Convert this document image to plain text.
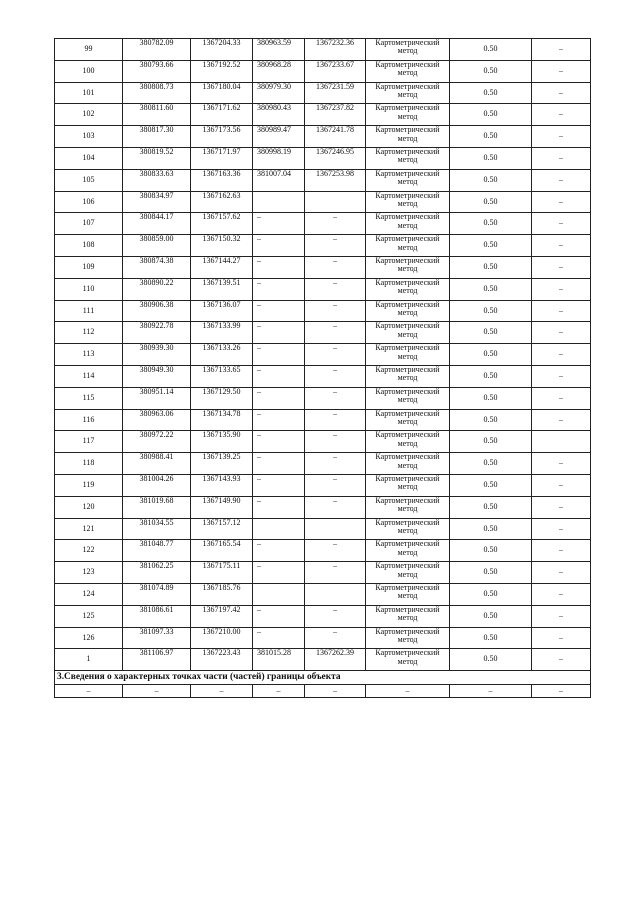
99	380782.09	1367204.33	380963.59	1367232.36	Картометрический метод	0.50	–
100	380793.66	1367192.52	380968.28	1367233.67	Картометрический метод	0.50	–
101	380808.73	1367180.04	380979.30	1367231.59	Картометрический метод	0.50	–
102	380811.60	1367171.62	380980.43	1367237.82	Картометрический метод	0.50	–
103	380817.30	1367173.56	380989.47	1367241.78	Картометрический метод	0.50	–
104	380819.52	1367171.97	380998.19	1367246.95	Картометрический метод	0.50	–
105	380833.63	1367163.36	381007.04	1367253.98	Картометрический метод	0.50	–
106	380834.97	1367162.63			Картометрический метод	0.50	–
107	380844.17	1367157.62	–	–	Картометрический метод	0.50	–
108	380859.00	1367150.32	–	–	Картометрический метод	0.50	–
109	380874.38	1367144.27	–	–	Картометрический метод	0.50	–
110	380890.22	1367139.51	–	–	Картометрический метод	0.50	–
111	380906.38	1367136.07	–	–	Картометрический метод	0.50	–
112	380922.78	1367133.99	–	–	Картометрический метод	0.50	–
113	380939.30	1367133.26	–	–	Картометрический метод	0.50	–
114	380949.30	1367133.65	–	–	Картометрический метод	0.50	–
115	380951.14	1367129.50	–	–	Картометрический метод	0.50	–
116	380963.06	1367134.78	–	–	Картометрический метод	0.50	–
117	380972.22	1367135.90	–	–	Картометрический метод	0.50	
118	380988.41	1367139.25	–	–	Картометрический метод	0.50	–
119	381004.26	1367143.93	–	–	Картометрический метод	0.50	–
120	381019.68	1367149.90	–	–	Картометрический метод	0.50	–
121	381034.55	1367157.12			Картометрический метод	0.50	–
122	381048.77	1367165.54	–	–	Картометрический метод	0.50	–
123	381062.25	1367175.11	–	–	Картометрический метод	0.50	–
124	381074.89	1367185.76			Картометрический метод	0.50	–
125	381086.61	1367197.42	–	–	Картометрический метод	0.50	–
126	381097.33	1367210.00	–	–	Картометрический метод	0.50	–
1	381106.97	1367223.43	381015.28	1367262.39	Картометрический метод	0.50	–
3.Сведения о характерных точках части (частей) границы объекта							
–	–	–	–	–	–	–	–
